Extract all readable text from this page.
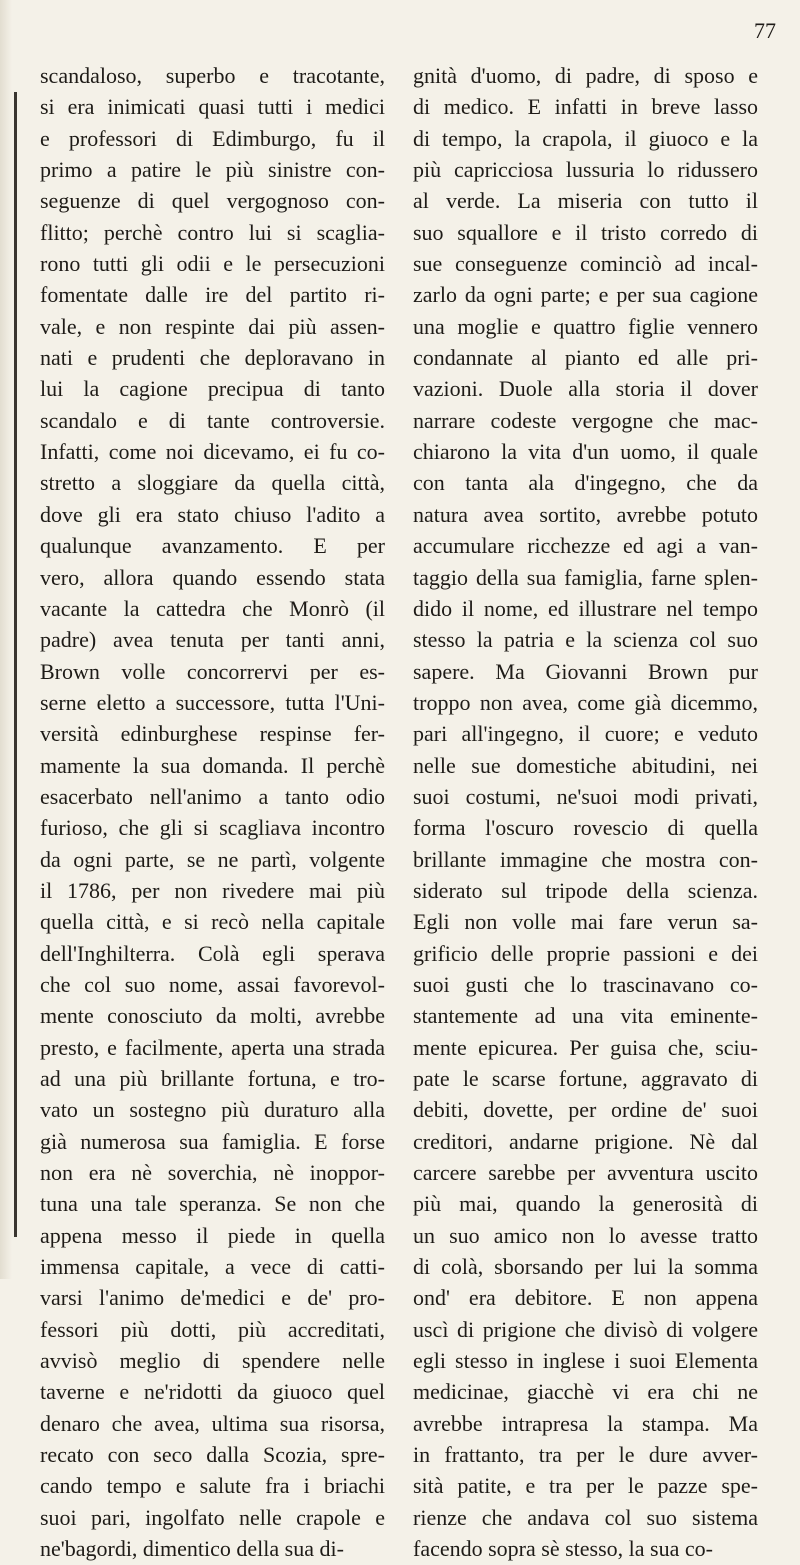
77
scandaloso, superbo e tracotante,
si era inimicati quasi tutti i medici
e professori di Edimburgo, fu il
primo a patire le più sinistre con-
seguenze di quel vergognoso con-
flitto; perchè contro lui si scaglia-
rono tutti gli odii e le persecuzioni
fomentate dalle ire del partito ri-
vale, e non respinte dai più assen-
nati e prudenti che deploravano in
lui la cagione precipua di tanto
scandalo e di tante controversie.
Infatti, come noi dicevamo, ei fu co-
stretto a sloggiare da quella città,
dove gli era stato chiuso l'adito a
qualunque avanzamento. E per
vero, allora quando essendo stata
vacante la cattedra che Monrò (il
padre) avea tenuta per tanti anni,
Brown volle concorrervi per es-
serne eletto a successore, tutta l'Uni-
versità edinburghese respinse fer-
mamente la sua domanda. Il perchè
esacerbato nell'animo a tanto odio
furioso, che gli si scagliava incontro
da ogni parte, se ne partì, volgente
il 1786, per non rivedere mai più
quella città, e si recò nella capitale
dell'Inghilterra. Colà egli sperava
che col suo nome, assai favorevol-
mente conosciuto da molti, avrebbe
presto, e facilmente, aperta una strada
ad una più brillante fortuna, e tro-
vato un sostegno più duraturo alla
già numerosa sua famiglia. E forse
non era nè soverchia, nè inoppor-
tuna una tale speranza. Se non che
appena messo il piede in quella
immensa capitale, a vece di catti-
varsi l'animo de'medici e de' pro-
fessori più dotti, più accreditati,
avvisò meglio di spendere nelle
taverne e ne'ridotti da giuoco quel
denaro che avea, ultima sua risorsa,
recato con seco dalla Scozia, spre-
cando tempo e salute fra i briachi
suoi pari, ingolfato nelle crapole e
ne'bagordi, dimentico della sua di-
gnità d'uomo, di padre, di sposo e
di medico. E infatti in breve lasso
di tempo, la crapola, il giuoco e la
più capricciosa lussuria lo ridussero
al verde. La miseria con tutto il
suo squallore e il tristo corredo di
sue conseguenze cominciò ad incal-
zarlo da ogni parte; e per sua cagione
una moglie e quattro figlie vennero
condannate al pianto ed alle pri-
vazioni. Duole alla storia il dover
narrare codeste vergogne che mac-
chiarono la vita d'un uomo, il quale
con tanta ala d'ingegno, che da
natura avea sortito, avrebbe potuto
accumulare ricchezze ed agi a van-
taggio della sua famiglia, farne splen-
dido il nome, ed illustrare nel tempo
stesso la patria e la scienza col suo
sapere. Ma Giovanni Brown pur
troppo non avea, come già dicemmo,
pari all'ingegno, il cuore; e veduto
nelle sue domestiche abitudini, nei
suoi costumi, ne'suoi modi privati,
forma l'oscuro rovescio di quella
brillante immagine che mostra con-
siderato sul tripode della scienza.
Egli non volle mai fare verun sa-
grificio delle proprie passioni e dei
suoi gusti che lo trascinavano co-
stantemente ad una vita eminente-
mente epicurea. Per guisa che, sciu-
pate le scarse fortune, aggravato di
debiti, dovette, per ordine de' suoi
creditori, andarne prigione. Nè dal
carcere sarebbe per avventura uscito
più mai, quando la generosità di
un suo amico non lo avesse tratto
di colà, sborsando per lui la somma
ond' era debitore. E non appena
uscì di prigione che divisò di volgere
egli stesso in inglese i suoi Elementa
medicinae, giacchè vi era chi ne
avrebbe intrapresa la stampa. Ma
in frattanto, tra per le dure avver-
sità patite, e tra per le pazze spe-
rienze che andava col suo sistema
facendo sopra sè stesso, la sua co-
